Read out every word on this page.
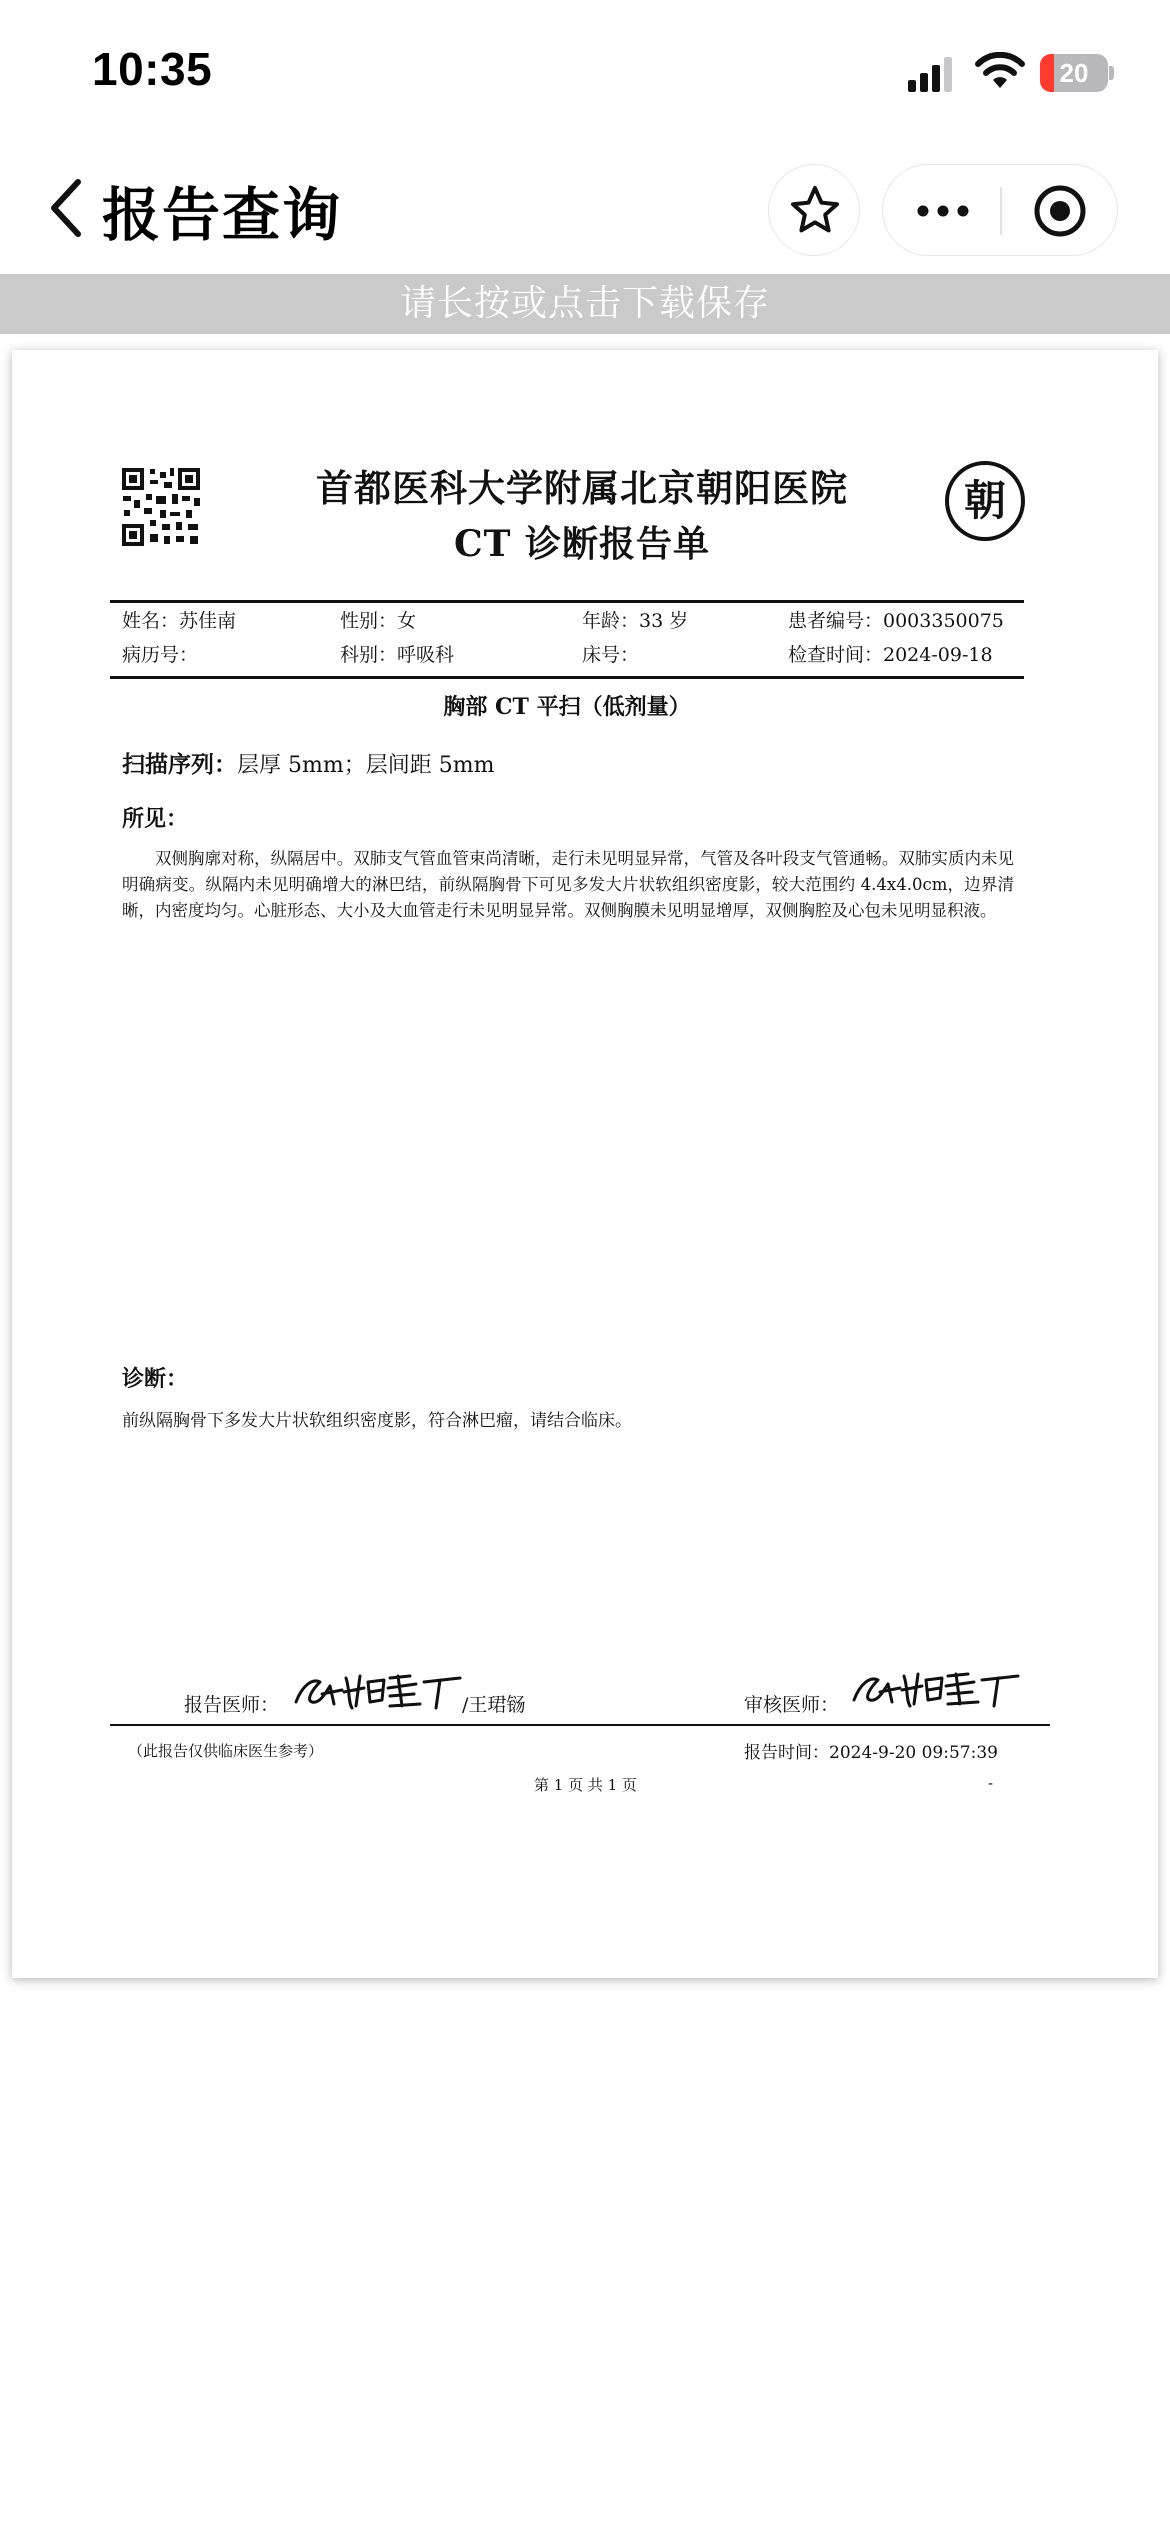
10:35	20
报告查询
请长按或点击下载保存
首都医科大学附属北京朝阳医院
CT 诊断报告单
朝
姓名：苏佳南	性别：女	年龄：33 岁	患者编号：0003350075
病历号：	科别：呼吸科	床号：	检查时间：2024-09-18
胸部 CT 平扫（低剂量）
扫描序列：层厚 5mm；层间距 5mm
所见：
双侧胸廓对称，纵隔居中。双肺支气管血管束尚清晰，走行未见明显异常，气管及各叶段支气管通畅。双肺实质内未见明确病变。纵隔内未见明确增大的淋巴结，前纵隔胸骨下可见多发大片状软组织密度影，较大范围约 4.4x4.0cm，边界清晰，内密度均匀。心脏形态、大小及大血管走行未见明显异常。双侧胸膜未见明显增厚，双侧胸腔及心包未见明显积液。
诊断：
前纵隔胸骨下多发大片状软组织密度影，符合淋巴瘤，请结合临床。
报告医师：	/王珺铴	审核医师：
（此报告仅供临床医生参考）	报告时间：2024-9-20 09:57:39
第 1 页 共 1 页	-
